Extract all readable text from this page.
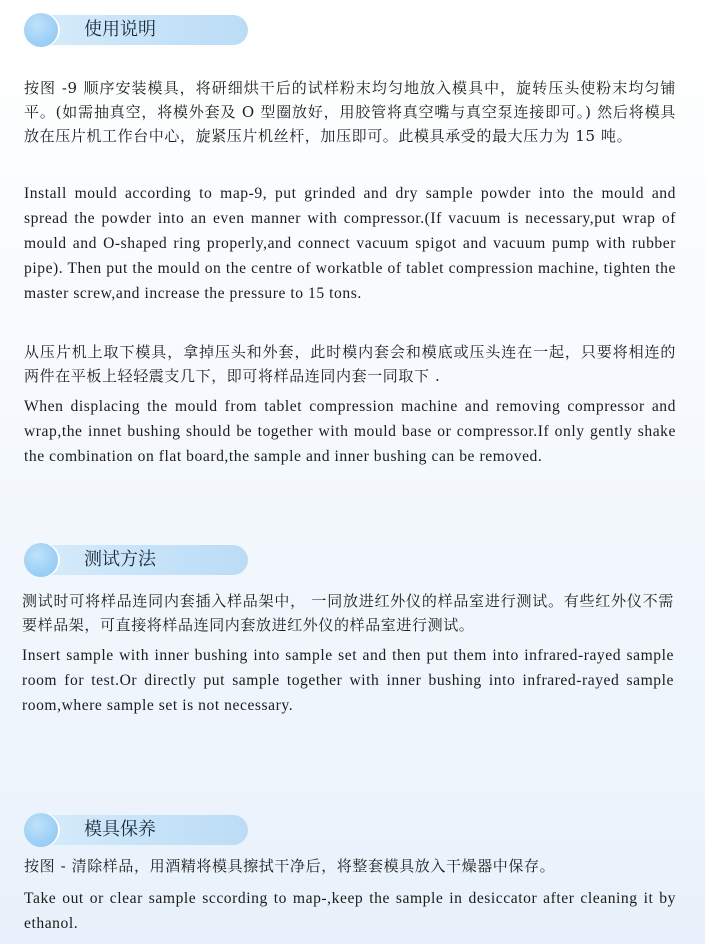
使用说明

按图 -9 顺序安装模具，将研细烘干后的试样粉末均匀地放入模具中，旋转压头使粉末均匀铺平。(如需抽真空，将模外套及 O 型圈放好，用胶管将真空嘴与真空泵连接即可。) 然后将模具放在压片机工作台中心，旋紧压片机丝杆，加压即可。此模具承受的最大压力为 15 吨。

Install mould according to map-9, put grinded and dry sample powder into the mould and spread the powder into an even manner with compressor.(If vacuum is necessary,put wrap of mould and O-shaped ring properly,and connect vacuum spigot and vacuum pump with rubber pipe). Then put the mould on the centre of workatble of tablet compression machine, tighten the master screw,and increase the pressure to 15 tons.

从压片机上取下模具，拿掉压头和外套，此时模内套会和模底或压头连在一起，只要将相连的两件在平板上轻轻震支几下，即可将样品连同内套一同取下 .

When displacing the mould from tablet compression machine and removing compressor and wrap,the innet bushing should be together with mould base or compressor.If only gently shake the combination on flat board,the sample and inner bushing can be removed.

测试方法

测试时可将样品连同内套插入样品架中， 一同放进红外仪的样品室进行测试。有些红外仪不需要样品架，可直接将样品连同内套放进红外仪的样品室进行测试。

Insert sample with inner bushing into sample set and then put them into infrared-rayed sample room for test.Or directly put sample together with inner bushing into infrared-rayed sample room,where sample set is not necessary.

模具保养

按图 - 清除样品，用酒精将模具擦拭干净后，将整套模具放入干燥器中保存。

Take out or clear sample sccording to map-,keep the sample in desiccator after cleaning it by ethanol.
